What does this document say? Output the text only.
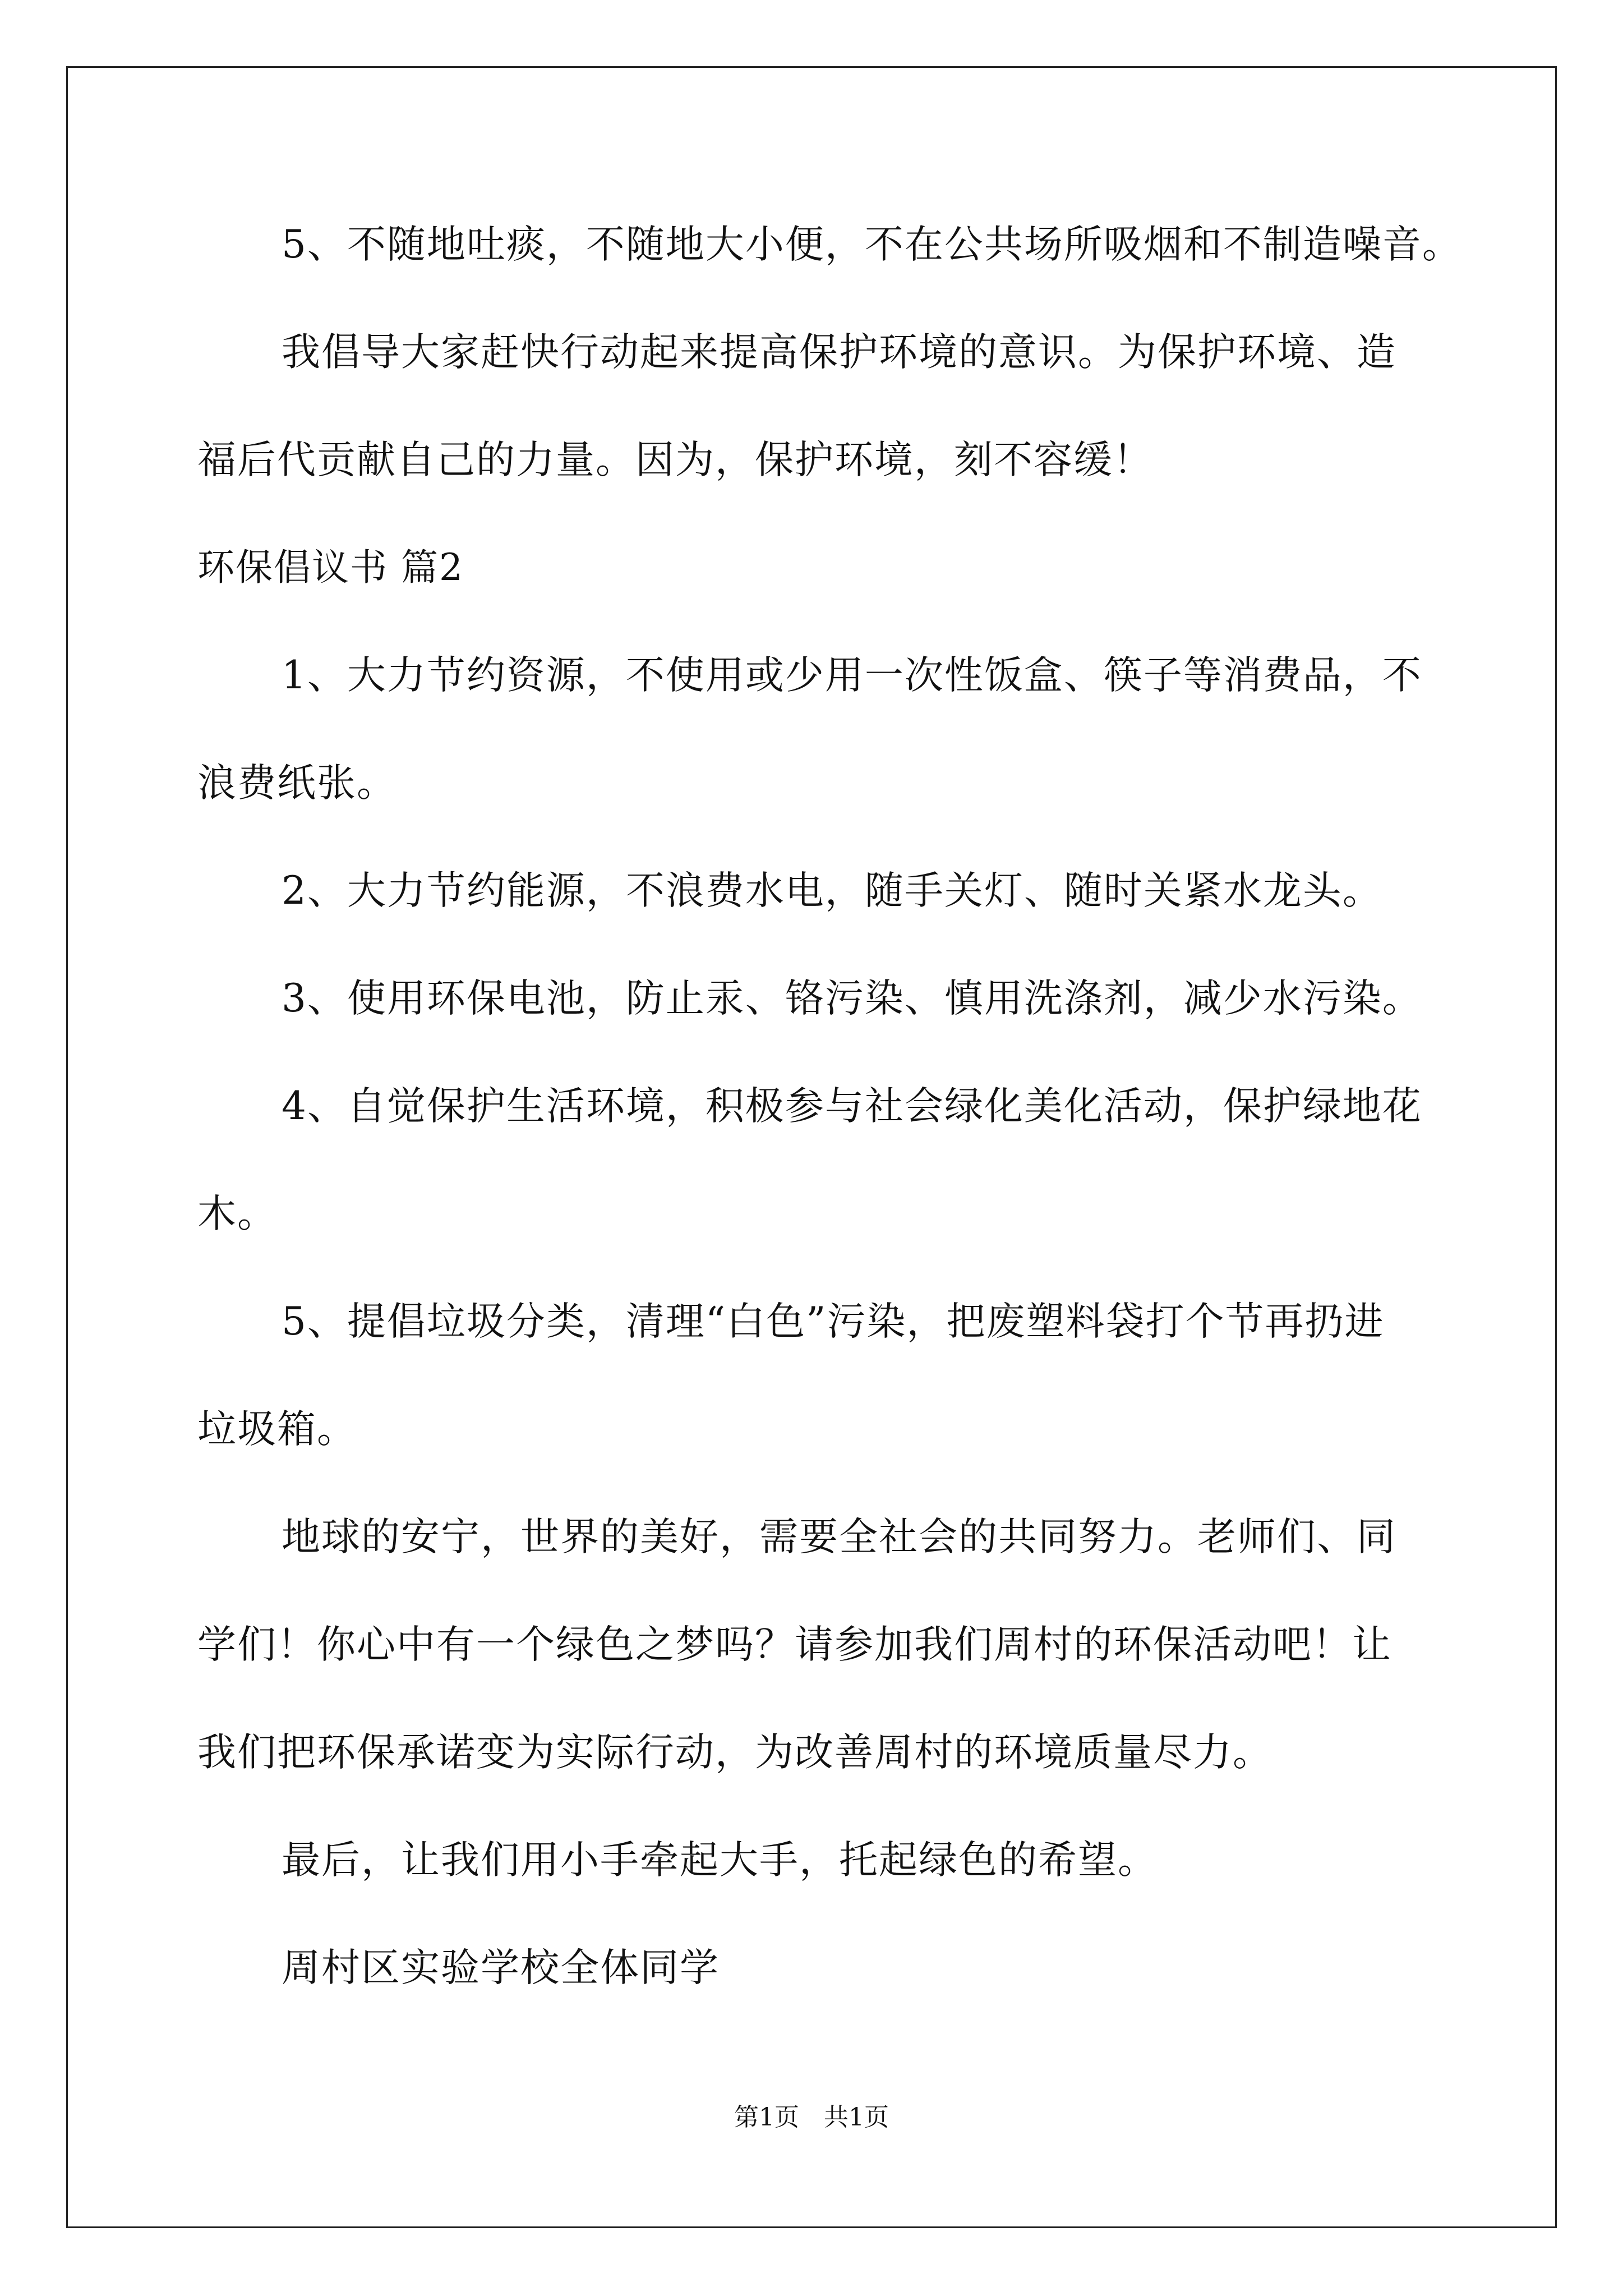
5、不随地吐痰，不随地大小便，不在公共场所吸烟和不制造噪音。
我倡导大家赶快行动起来提高保护环境的意识。为保护环境、造
福后代贡献自己的力量。因为，保护环境，刻不容缓！
环保倡议书 篇2
1、大力节约资源，不使用或少用一次性饭盒、筷子等消费品，不
浪费纸张。
2、大力节约能源，不浪费水电，随手关灯、随时关紧水龙头。
3、使用环保电池，防止汞、铬污染、慎用洗涤剂，减少水污染。
4、自觉保护生活环境，积极参与社会绿化美化活动，保护绿地花
木。
5、提倡垃圾分类，清理“白色”污染，把废塑料袋打个节再扔进
垃圾箱。
地球的安宁，世界的美好，需要全社会的共同努力。老师们、同
学们！你心中有一个绿色之梦吗？请参加我们周村的环保活动吧！让
我们把环保承诺变为实际行动，为改善周村的环境质量尽力。
最后，让我们用小手牵起大手，托起绿色的希望。
周村区实验学校全体同学
第1页　共1页
